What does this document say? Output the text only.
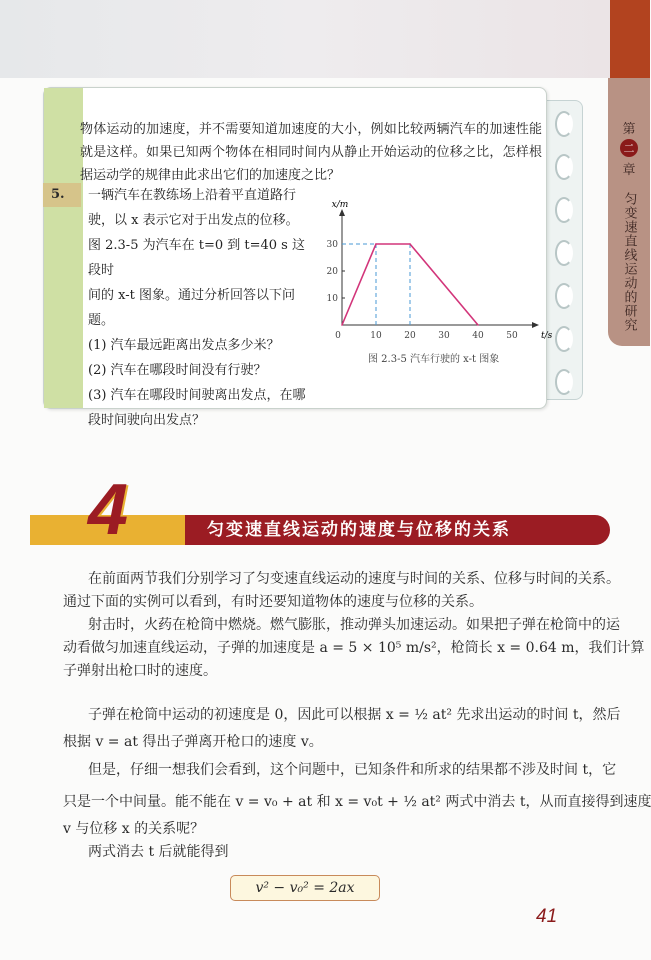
第
二
章
匀变速直线运动的研究
物体运动的加速度，并不需要知道加速度的大小，例如比较两辆汽车的加速性能
就是这样。如果已知两个物体在相同时间内从静止开始运动的位移之比，怎样根
据运动学的规律由此求出它们的加速度之比？
5.	一辆汽车在教练场上沿着平直道路行
驶，以 x 表示它对于出发点的位移。
图 2.3-5 为汽车在 t=0 到 t=40 s 这段时
间的 x-t 图象。通过分析回答以下问
题。
(1) 汽车最远距离出发点多少米？
(2) 汽车在哪段时间没有行驶？
(3) 汽车在哪段时间驶离出发点，在哪
段时间驶向出发点？
x/m
t/s
0	10	20	30	40	50
10
20
30
图 2.3-5 汽车行驶的 x-t 图象
匀变速直线运动的速度与位移的关系
4
在前面两节我们分别学习了匀变速直线运动的速度与时间的关系、位移与时间的关系。
通过下面的实例可以看到，有时还要知道物体的速度与位移的关系。
射击时，火药在枪筒中燃烧。燃气膨胀，推动弹头加速运动。如果把子弹在枪筒中的运
动看做匀加速直线运动，子弹的加速度是 a = 5 × 10⁵ m/s²，枪筒长 x = 0.64 m，我们计算
子弹射出枪口时的速度。
子弹在枪筒中运动的初速度是 0，因此可以根据 x = ½ at² 先求出运动的时间 t，然后
根据 v = at 得出子弹离开枪口的速度 v。
但是，仔细一想我们会看到，这个问题中，已知条件和所求的结果都不涉及时间 t，它
只是一个中间量。能不能在 v = v₀ + at 和 x = v₀t + ½ at² 两式中消去 t，从而直接得到速度
v 与位移 x 的关系呢？
两式消去 t 后就能得到
v² − v₀² = 2ax
41
